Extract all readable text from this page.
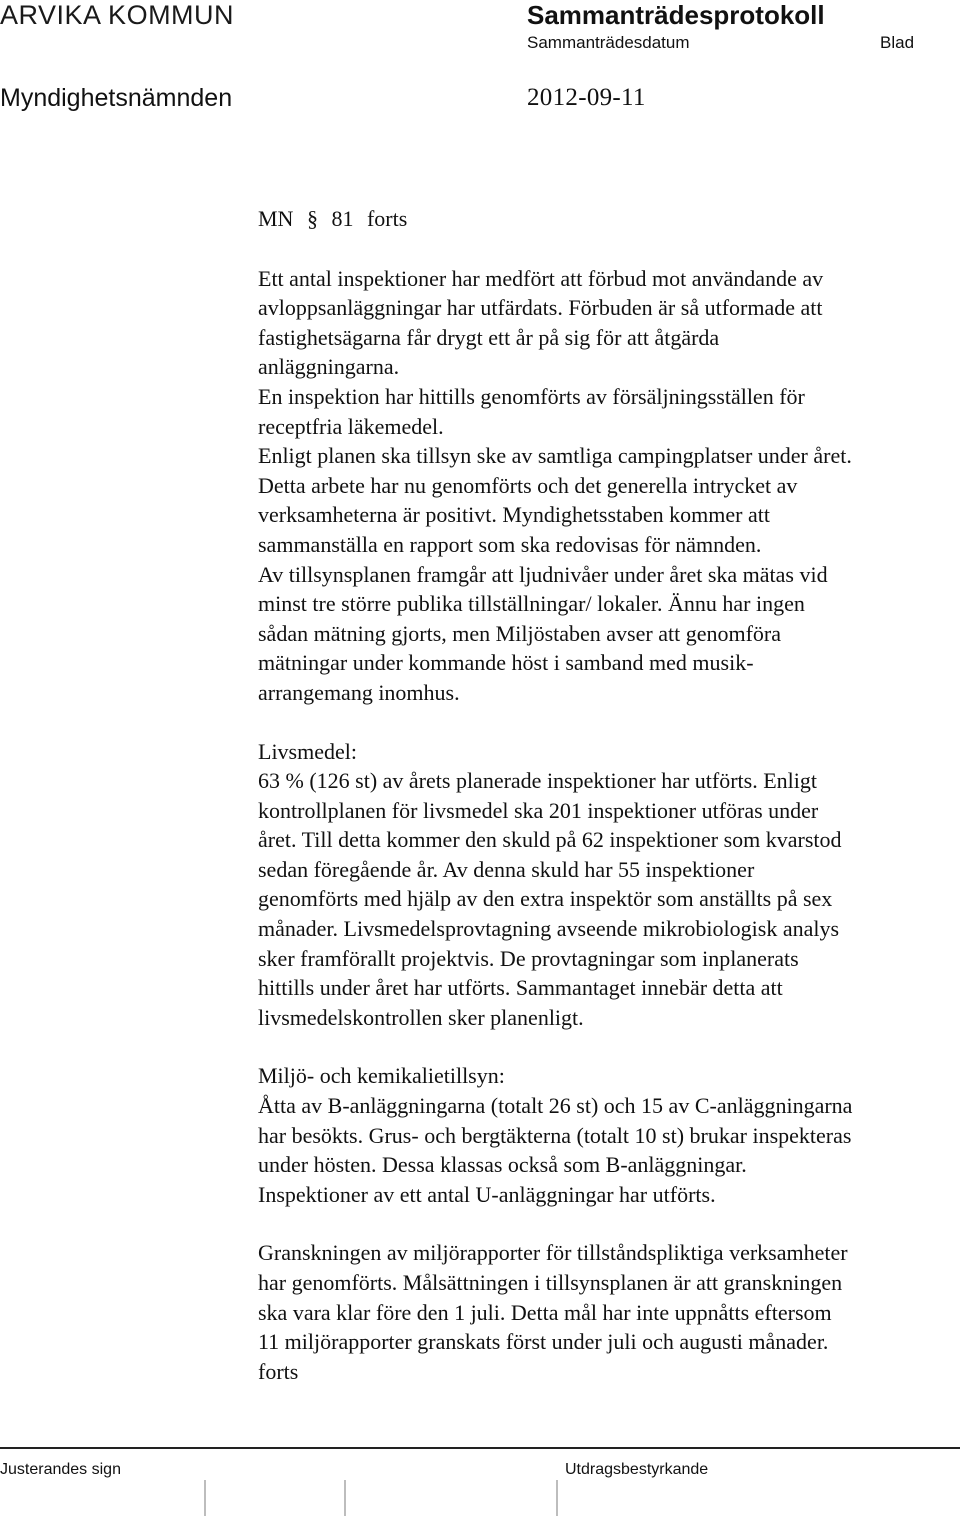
ARVIKA KOMMUN	Sammanträdesprotokoll
Sammanträdesdatum	Blad
Myndighetsnämnden	2012-09-11
MN § 81 forts

Ett antal inspektioner har medfört att förbud mot användande av
avloppsanläggningar har utfärdats. Förbuden är så utformade att
fastighetsägarna får drygt ett år på sig för att åtgärda
anläggningarna.
En inspektion har hittills genomförts av försäljningsställen för
receptfria läkemedel.
Enligt planen ska tillsyn ske av samtliga campingplatser under året.
Detta arbete har nu genomförts och det generella intrycket av
verksamheterna är positivt. Myndighetsstaben kommer att
sammanställa en rapport som ska redovisas för nämnden.
Av tillsynsplanen framgår att ljudnivåer under året ska mätas vid
minst tre större publika tillställningar/ lokaler. Ännu har ingen
sådan mätning gjorts, men Miljöstaben avser att genomföra
mätningar under kommande höst i samband med musik-
arrangemang inomhus.

Livsmedel:
63 % (126 st) av årets planerade inspektioner har utförts. Enligt
kontrollplanen för livsmedel ska 201 inspektioner utföras under
året. Till detta kommer den skuld på 62 inspektioner som kvarstod
sedan föregående år. Av denna skuld har 55 inspektioner
genomförts med hjälp av den extra inspektör som anställts på sex
månader. Livsmedelsprovtagning avseende mikrobiologisk analys
sker framförallt projektvis. De provtagningar som inplanerats
hittills under året har utförts. Sammantaget innebär detta att
livsmedelskontrollen sker planenligt.
Miljö- och kemikalietillsyn:
Åtta av B-anläggningarna (totalt 26 st) och 15 av C-anläggningarna
har besökts. Grus- och bergtäkterna (totalt 10 st) brukar inspekteras
under hösten. Dessa klassas också som B-anläggningar.
Inspektioner av ett antal U-anläggningar har utförts.
Granskningen av miljörapporter för tillståndspliktiga verksamheter
har genomförts. Målsättningen i tillsynsplanen är att granskningen
ska vara klar före den 1 juli. Detta mål har inte uppnåtts eftersom
11 miljörapporter granskats först under juli och augusti månader.
forts
Justerandes sign	Utdragsbestyrkande
